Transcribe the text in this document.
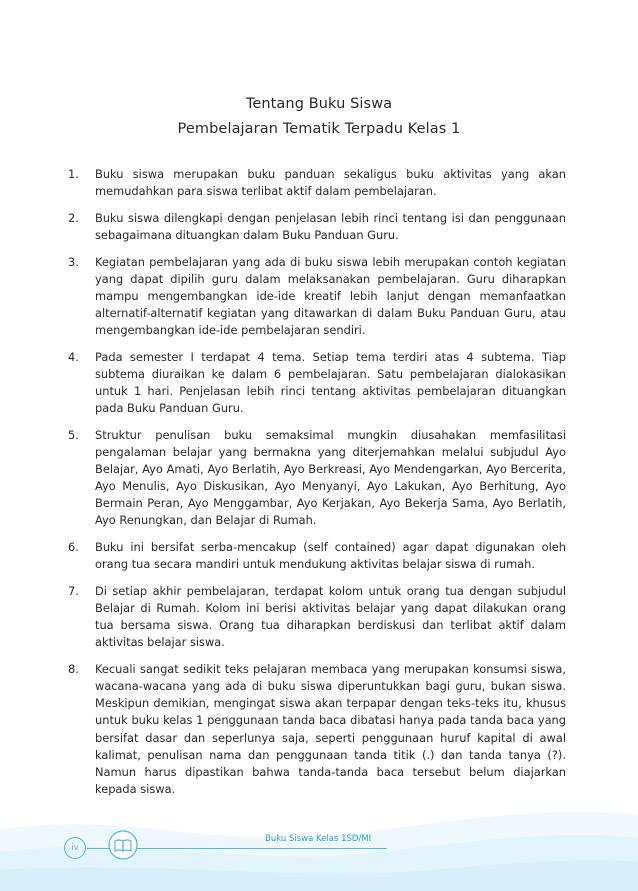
Tentang Buku Siswa
Pembelajaran Tematik Terpadu Kelas 1
1. Buku siswa merupakan buku panduan sekaligus buku aktivitas yang akan memudahkan para siswa terlibat aktif dalam pembelajaran.
2. Buku siswa dilengkapi dengan penjelasan lebih rinci tentang isi dan penggunaan sebagaimana dituangkan dalam Buku Panduan Guru.
3. Kegiatan pembelajaran yang ada di buku siswa lebih merupakan contoh kegiatan yang dapat dipilih guru dalam melaksanakan pembelajaran. Guru diharapkan mampu mengembangkan ide-ide kreatif lebih lanjut dengan memanfaatkan alternatif-alternatif kegiatan yang ditawarkan di dalam Buku Panduan Guru, atau mengembangkan ide-ide pembelajaran sendiri.
4. Pada semester I terdapat 4 tema. Setiap tema terdiri atas 4 subtema. Tiap subtema diuraikan ke dalam 6 pembelajaran. Satu pembelajaran dialokasikan untuk 1 hari. Penjelasan lebih rinci tentang aktivitas pembelajaran dituangkan pada Buku Panduan Guru.
5. Struktur penulisan buku semaksimal mungkin diusahakan memfasilitasi pengalaman belajar yang bermakna yang diterjemahkan melalui subjudul Ayo Belajar, Ayo Amati, Ayo Berlatih, Ayo Berkreasi, Ayo Mendengarkan, Ayo Bercerita, Ayo Menulis, Ayo Diskusikan, Ayo Menyanyi, Ayo Lakukan, Ayo Berhitung, Ayo Bermain Peran, Ayo Menggambar, Ayo Kerjakan, Ayo Bekerja Sama, Ayo Berlatih, Ayo Renungkan, dan Belajar di Rumah.
6. Buku ini bersifat serba-mencakup (self contained) agar dapat digunakan oleh orang tua secara mandiri untuk mendukung aktivitas belajar siswa di rumah.
7. Di setiap akhir pembelajaran, terdapat kolom untuk orang tua dengan subjudul Belajar di Rumah. Kolom ini berisi aktivitas belajar yang dapat dilakukan orang tua bersama siswa. Orang tua diharapkan berdiskusi dan terlibat aktif dalam aktivitas belajar siswa.
8. Kecuali sangat sedikit teks pelajaran membaca yang merupakan konsumsi siswa, wacana-wacana yang ada di buku siswa diperuntukkan bagi guru, bukan siswa. Meskipun demikian, mengingat siswa akan terpapar dengan teks-teks itu, khusus untuk buku kelas 1 penggunaan tanda baca dibatasi hanya pada tanda baca yang bersifat dasar dan seperlunya saja, seperti penggunaan huruf kapital di awal kalimat, penulisan nama dan penggunaan tanda titik (.) dan tanda tanya (?). Namun harus dipastikan bahwa tanda-tanda baca tersebut belum diajarkan kepada siswa.
iv
Buku Siswa Kelas 1SD/MI
